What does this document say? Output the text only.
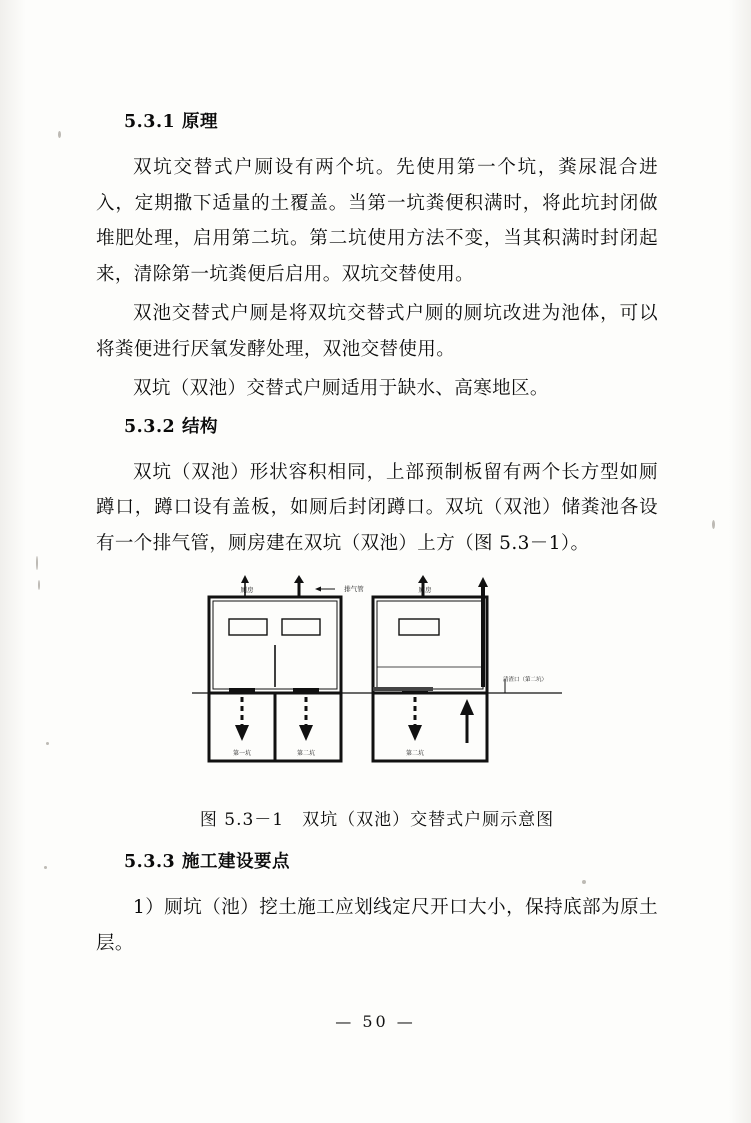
5.3.1 原理

双坑交替式户厕设有两个坑。先使用第一个坑，粪尿混合进入，定期撒下适量的土覆盖。当第一坑粪便积满时，将此坑封闭做堆肥处理，启用第二坑。第二坑使用方法不变，当其积满时封闭起来，清除第一坑粪便后启用。双坑交替使用。

双池交替式户厕是将双坑交替式户厕的厕坑改进为池体，可以将粪便进行厌氧发酵处理，双池交替使用。

双坑（双池）交替式户厕适用于缺水、高寒地区。

5.3.2 结构

双坑（双池）形状容积相同，上部预制板留有两个长方型如厕蹲口，蹲口设有盖板，如厕后封闭蹲口。双坑（双池）储粪池各设有一个排气管，厕房建在双坑（双池）上方（图 5.3－1）。

厕房	排气管
第一坑	第二坑
厕房
清渣口（第二坑）
第二坑
图 5.3－1　双坑（双池）交替式户厕示意图
5.3.3 施工建设要点

1）厕坑（池）挖土施工应划线定尺开口大小，保持底部为原土层。

— 50 —
